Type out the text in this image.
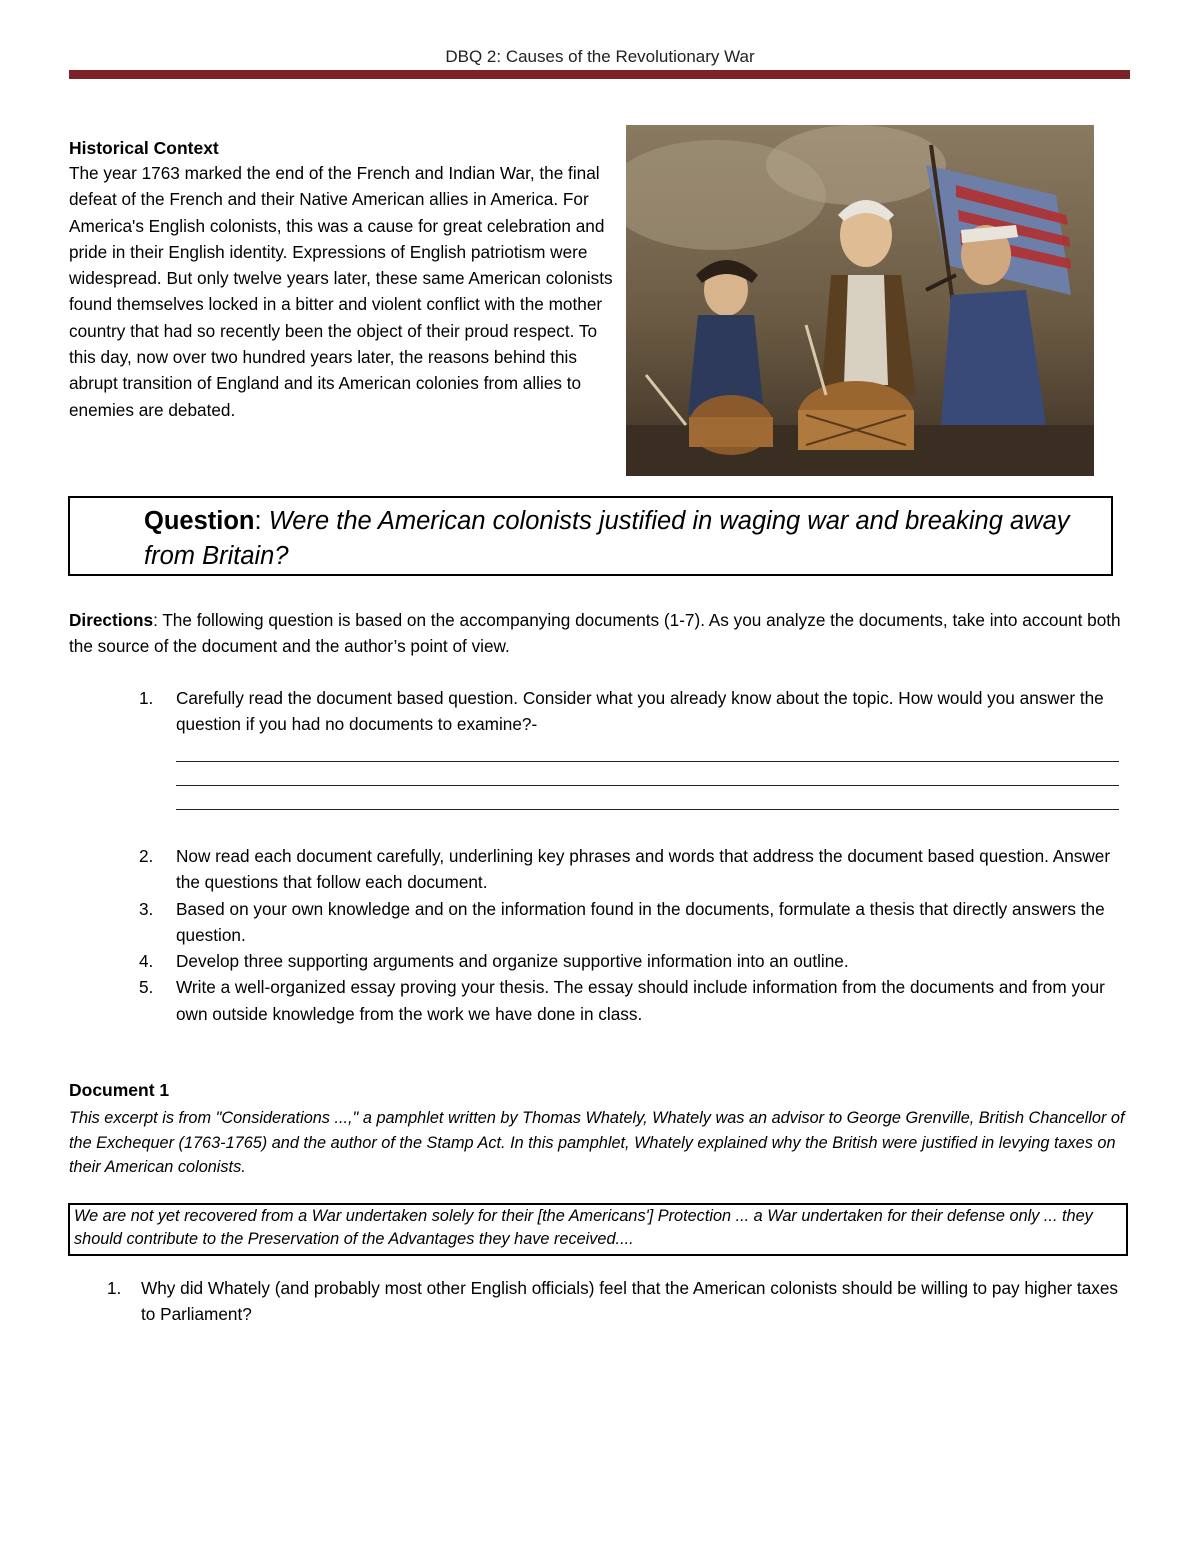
DBQ 2: Causes of the Revolutionary War
Historical Context

The year 1763 marked the end of the French and Indian War, the final defeat of the French and their Native American allies in America. For America's English colonists, this was a cause for great celebration and pride in their English identity. Expressions of English patriotism were widespread. But only twelve years later, these same American colonists found themselves locked in a bitter and violent conflict with the mother country that had so recently been the object of their proud respect. To this day, now over two hundred years later, the reasons behind this abrupt transition of England and its American colonies from allies to enemies are debated.

Question: Were the American colonists justified in waging war and breaking away from Britain?
Directions: The following question is based on the accompanying documents (1-7). As you analyze the documents, take into account both the source of the document and the author’s point of view.
1. Carefully read the document based question. Consider what you already know about the topic. How would you answer the question if you had no documents to examine?-
2. Now read each document carefully, underlining key phrases and words that address the document based question. Answer the questions that follow each document.
3. Based on your own knowledge and on the information found in the documents, formulate a thesis that directly answers the question.
4. Develop three supporting arguments and organize supportive information into an outline.
5. Write a well-organized essay proving your thesis. The essay should include information from the documents and from your own outside knowledge from the work we have done in class.
Document 1
This excerpt is from "Considerations ...," a pamphlet written by Thomas Whately, Whately was an advisor to George Grenville, British Chancellor of the Exchequer (1763-1765) and the author of the Stamp Act. In this pamphlet, Whately explained why the British were justified in levying taxes on their American colonists.
We are not yet recovered from a War undertaken solely for their [the Americans'] Protection ... a War undertaken for their defense only ... they should contribute to the Preservation of the Advantages they have received....
1. Why did Whately (and probably most other English officials) feel that the American colonists should be willing to pay higher taxes to Parliament?
